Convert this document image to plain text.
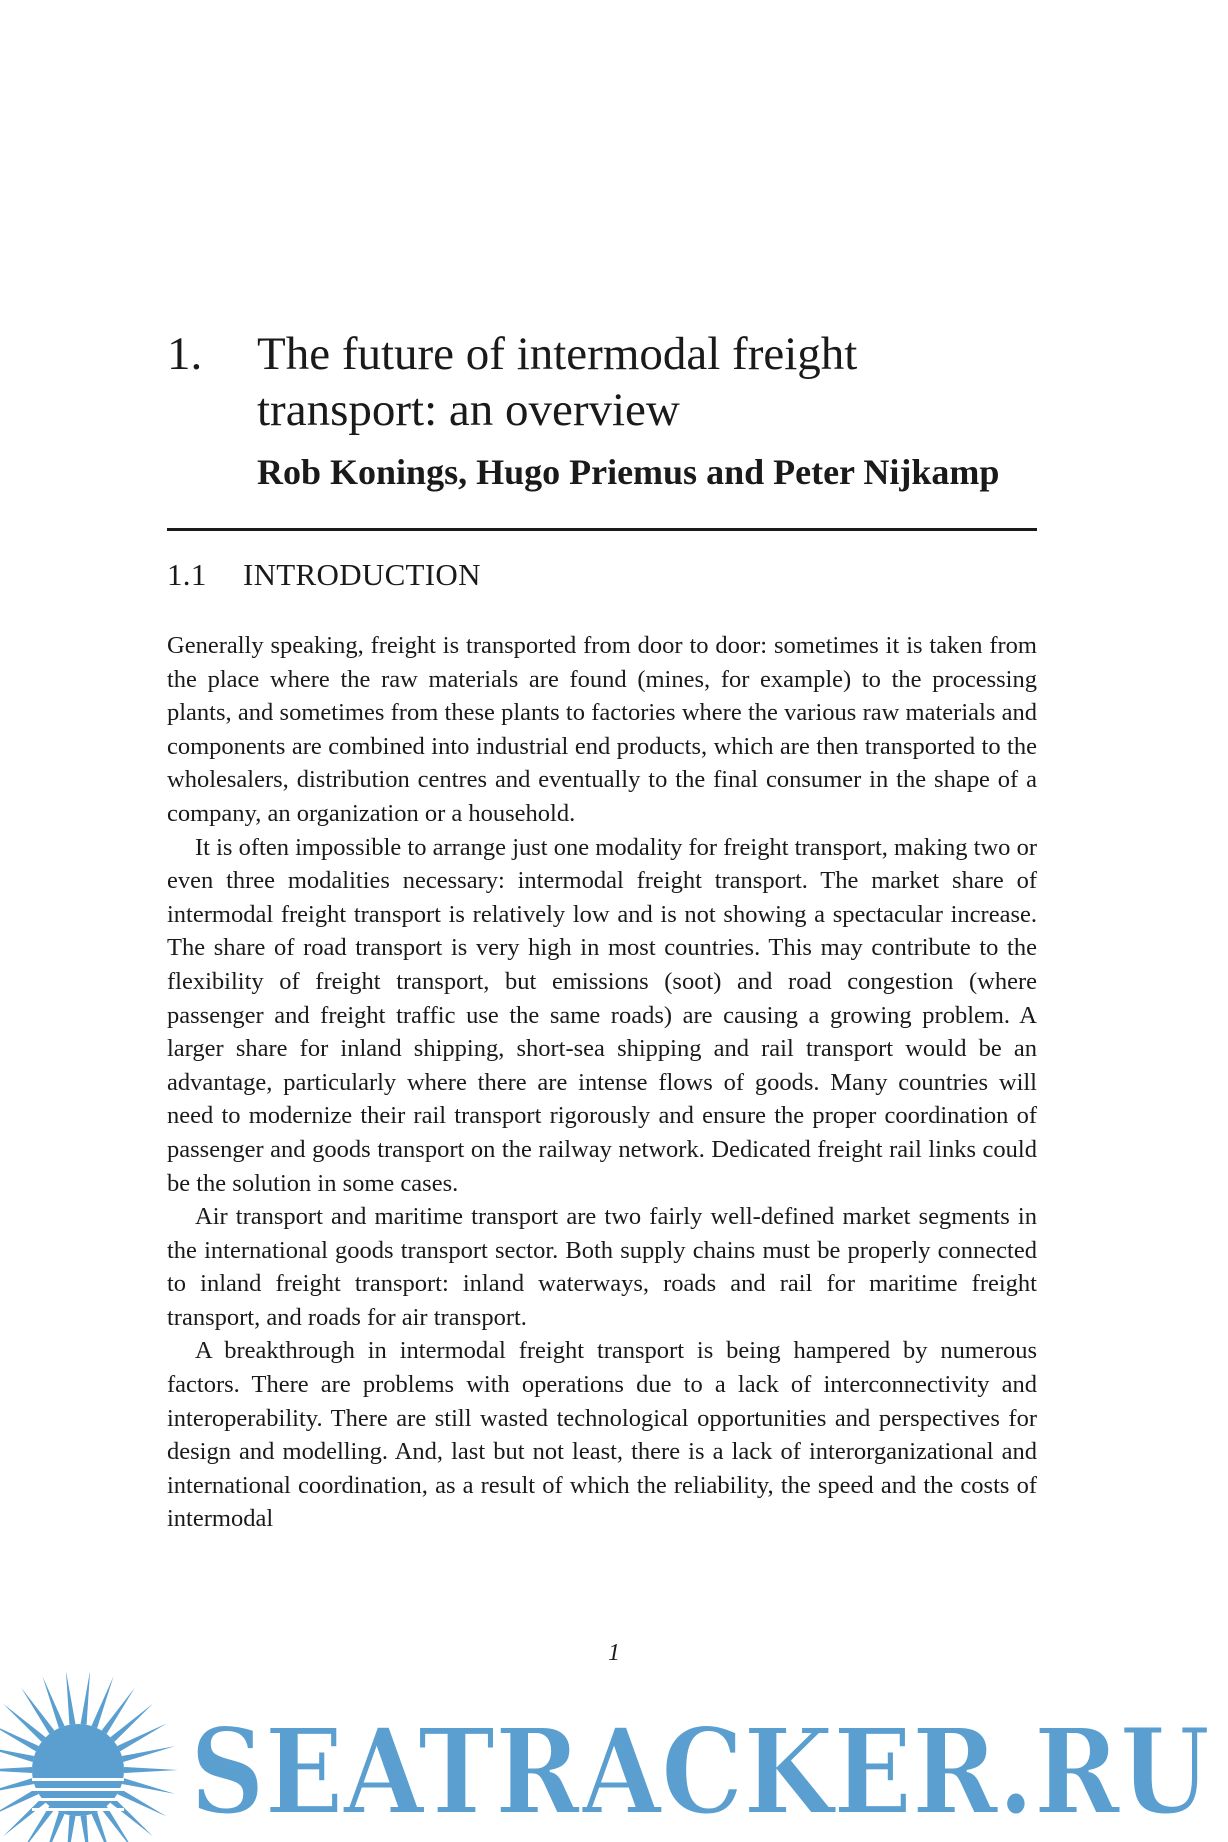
1.	The future of intermodal freight transport: an overview
Rob Konings, Hugo Priemus and Peter Nijkamp
1.1 INTRODUCTION

Generally speaking, freight is transported from door to door: sometimes it is taken from the place where the raw materials are found (mines, for example) to the processing plants, and sometimes from these plants to factories where the various raw materials and components are combined into industrial end products, which are then transported to the wholesalers, distribution centres and eventually to the final consumer in the shape of a company, an organization or a household.

It is often impossible to arrange just one modality for freight transport, making two or even three modalities necessary: intermodal freight transport. The market share of intermodal freight transport is relatively low and is not showing a spectacular increase. The share of road transport is very high in most countries. This may contribute to the flexibility of freight transport, but emissions (soot) and road congestion (where passenger and freight traffic use the same roads) are causing a growing problem. A larger share for inland shipping, short-sea shipping and rail transport would be an advantage, particularly where there are intense flows of goods. Many countries will need to modernize their rail transport rigorously and ensure the proper coordination of passenger and goods transport on the railway network. Dedicated freight rail links could be the solution in some cases.

Air transport and maritime transport are two fairly well-defined market segments in the international goods transport sector. Both supply chains must be properly connected to inland freight transport: inland waterways, roads and rail for maritime freight transport, and roads for air transport.

A breakthrough in intermodal freight transport is being hampered by numerous factors. There are problems with operations due to a lack of interconnectivity and interoperability. There are still wasted technological opportunities and perspectives for design and modelling. And, last but not least, there is a lack of interorganizational and international coordination, as a result of which the reliability, the speed and the costs of intermodal

1
SEATRACKER.RU
